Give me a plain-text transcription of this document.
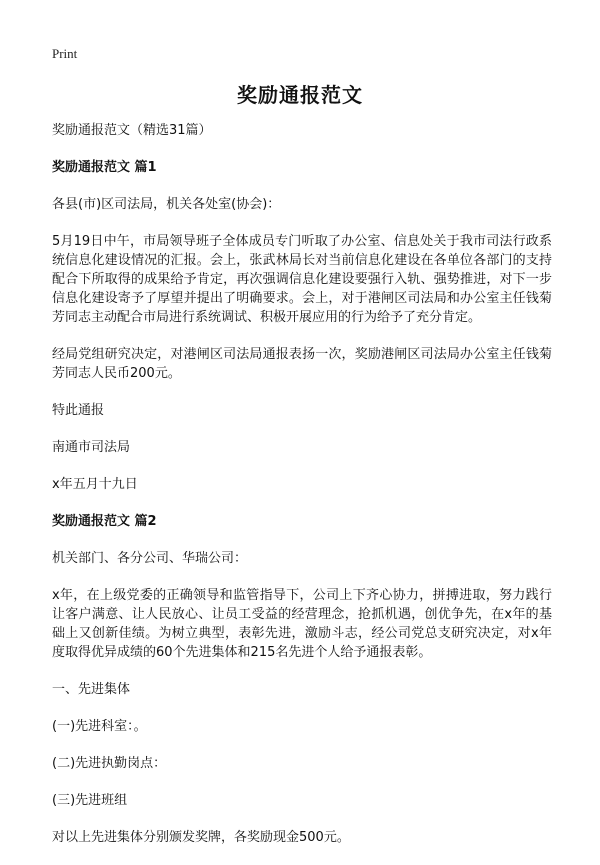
Print
奖励通报范文

奖励通报范文（精选31篇）

奖励通报范文 篇1

各县(市)区司法局，机关各处室(协会)：

5月19日中午，市局领导班子全体成员专门听取了办公室、信息处关于我市司法行政系统信息化建设情况的汇报。会上，张武林局长对当前信息化建设在各单位各部门的支持配合下所取得的成果给予肯定，再次强调信息化建设要强行入轨、强势推进，对下一步信息化建设寄予了厚望并提出了明确要求。会上，对于港闸区司法局和办公室主任钱菊芳同志主动配合市局进行系统调试、积极开展应用的行为给予了充分肯定。

经局党组研究决定，对港闸区司法局通报表扬一次，奖励港闸区司法局办公室主任钱菊芳同志人民币200元。

特此通报

南通市司法局

x年五月十九日

奖励通报范文 篇2

机关部门、各分公司、华瑞公司：

x年，在上级党委的正确领导和监管指导下，公司上下齐心协力，拼搏进取，努力践行让客户满意、让人民放心、让员工受益的经营理念，抢抓机遇，创优争先，在x年的基础上又创新佳绩。为树立典型，表彰先进，激励斗志，经公司党总支研究决定，对x年度取得优异成绩的60个先进集体和215名先进个人给予通报表彰。

一、先进集体

(一)先进科室：。

(二)先进执勤岗点：

(三)先进班组

对以上先进集体分别颁发奖牌，各奖励现金500元。
